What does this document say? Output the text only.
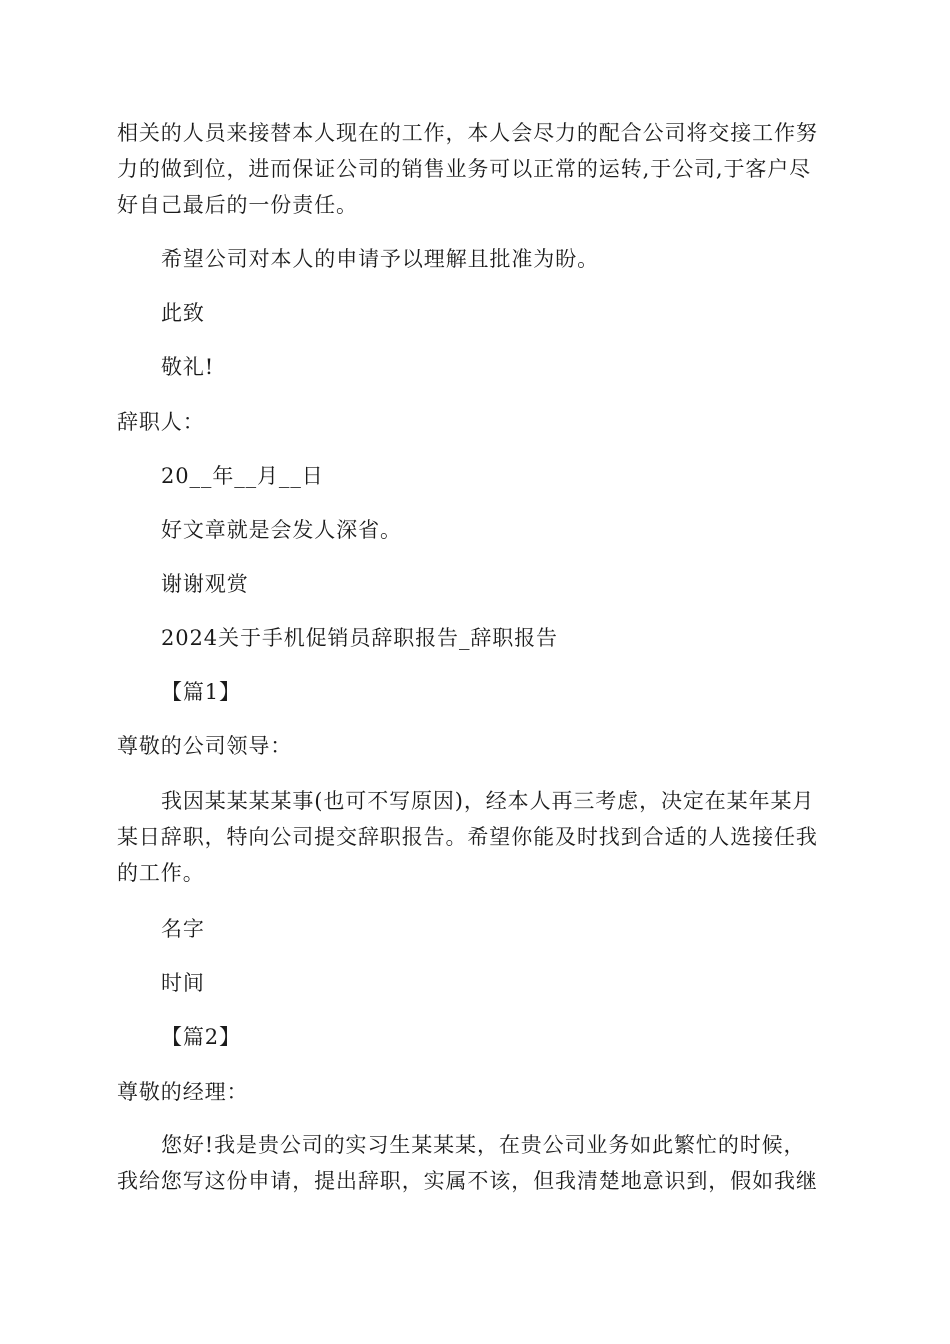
相关的人员来接替本人现在的工作，本人会尽力的配合公司将交接工作努
力的做到位，进而保证公司的销售业务可以正常的运转,于公司,于客户尽
好自己最后的一份责任。
希望公司对本人的申请予以理解且批准为盼。
此致
敬礼!
辞职人：
20__年__月__日
好文章就是会发人深省。
谢谢观赏
2024关于手机促销员辞职报告_辞职报告
【篇1】
尊敬的公司领导：
我因某某某某事(也可不写原因)，经本人再三考虑，决定在某年某月
某日辞职，特向公司提交辞职报告。希望你能及时找到合适的人选接任我
的工作。
名字
时间
【篇2】
尊敬的经理：
您好!我是贵公司的实习生某某某，在贵公司业务如此繁忙的时候，
我给您写这份申请，提出辞职，实属不该，但我清楚地意识到，假如我继
